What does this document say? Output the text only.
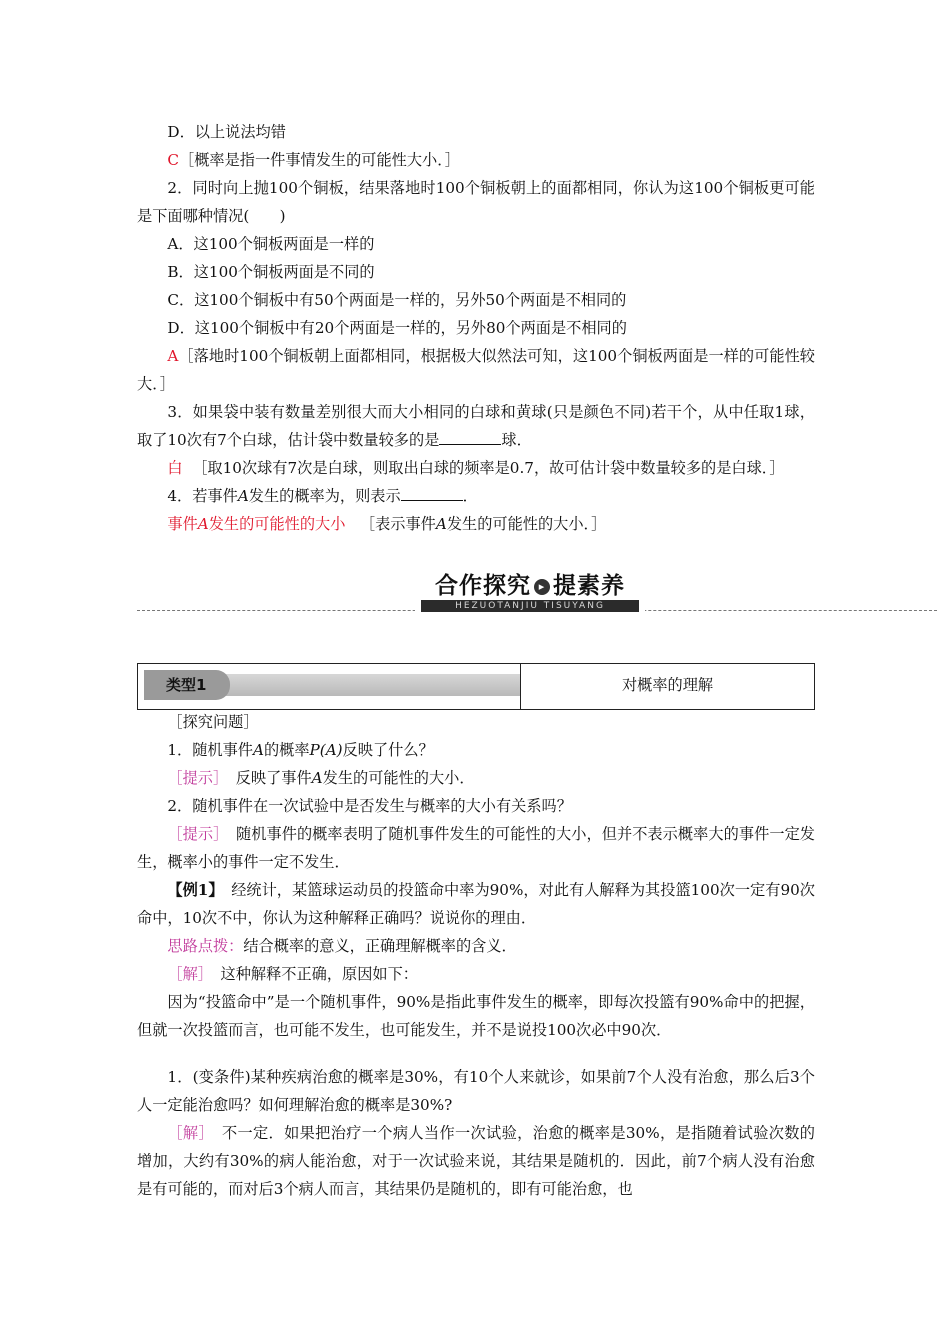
D．以上说法均错

C［概率是指一件事情发生的可能性大小．］

2．同时向上抛100个铜板，结果落地时100个铜板朝上的面都相同，你认为这100个铜板更可能是下面哪种情况(　　)

A．这100个铜板两面是一样的

B．这100个铜板两面是不同的

C．这100个铜板中有50个两面是一样的，另外50个两面是不相同的

D．这100个铜板中有20个两面是一样的，另外80个两面是不相同的

A［落地时100个铜板朝上面都相同，根据极大似然法可知，这100个铜板两面是一样的可能性较大．］

3．如果袋中装有数量差别很大而大小相同的白球和黄球(只是颜色不同)若干个，从中任取1球，取了10次有7个白球，估计袋中数量较多的是	球．

白 ［取10次球有7次是白球，则取出白球的频率是0.7，故可估计袋中数量较多的是白球．］

4．若事件A发生的概率为，则表示	．

事件A发生的可能性的大小 ［表示事件A发生的可能性的大小．］

合作探究 ▸ 提素养
HEZUOTANJIU TISUYANG
类型1	对概率的理解

［探究问题］

1．随机事件A的概率P(A)反映了什么？

［提示］　反映了事件A发生的可能性的大小．

2．随机事件在一次试验中是否发生与概率的大小有关系吗？

［提示］　随机事件的概率表明了随机事件发生的可能性的大小，但并不表示概率大的事件一定发生，概率小的事件一定不发生．

【例1】　经统计，某篮球运动员的投篮命中率为90%，对此有人解释为其投篮100次一定有90次命中，10次不中，你认为这种解释正确吗？说说你的理由．

思路点拨：结合概率的意义，正确理解概率的含义．

［解］　这种解释不正确，原因如下：

因为“投篮命中”是一个随机事件，90%是指此事件发生的概率，即每次投篮有90%命中的把握，但就一次投篮而言，也可能不发生，也可能发生，并不是说投100次必中90次．

1．(变条件)某种疾病治愈的概率是30%，有10个人来就诊，如果前7个人没有治愈，那么后3个人一定能治愈吗？如何理解治愈的概率是30%?

［解］　不一定．如果把治疗一个病人当作一次试验，治愈的概率是30%，是指随着试验次数的增加，大约有30%的病人能治愈，对于一次试验来说，其结果是随机的．因此，前7个病人没有治愈是有可能的，而对后3个病人而言，其结果仍是随机的，即有可能治愈，也
